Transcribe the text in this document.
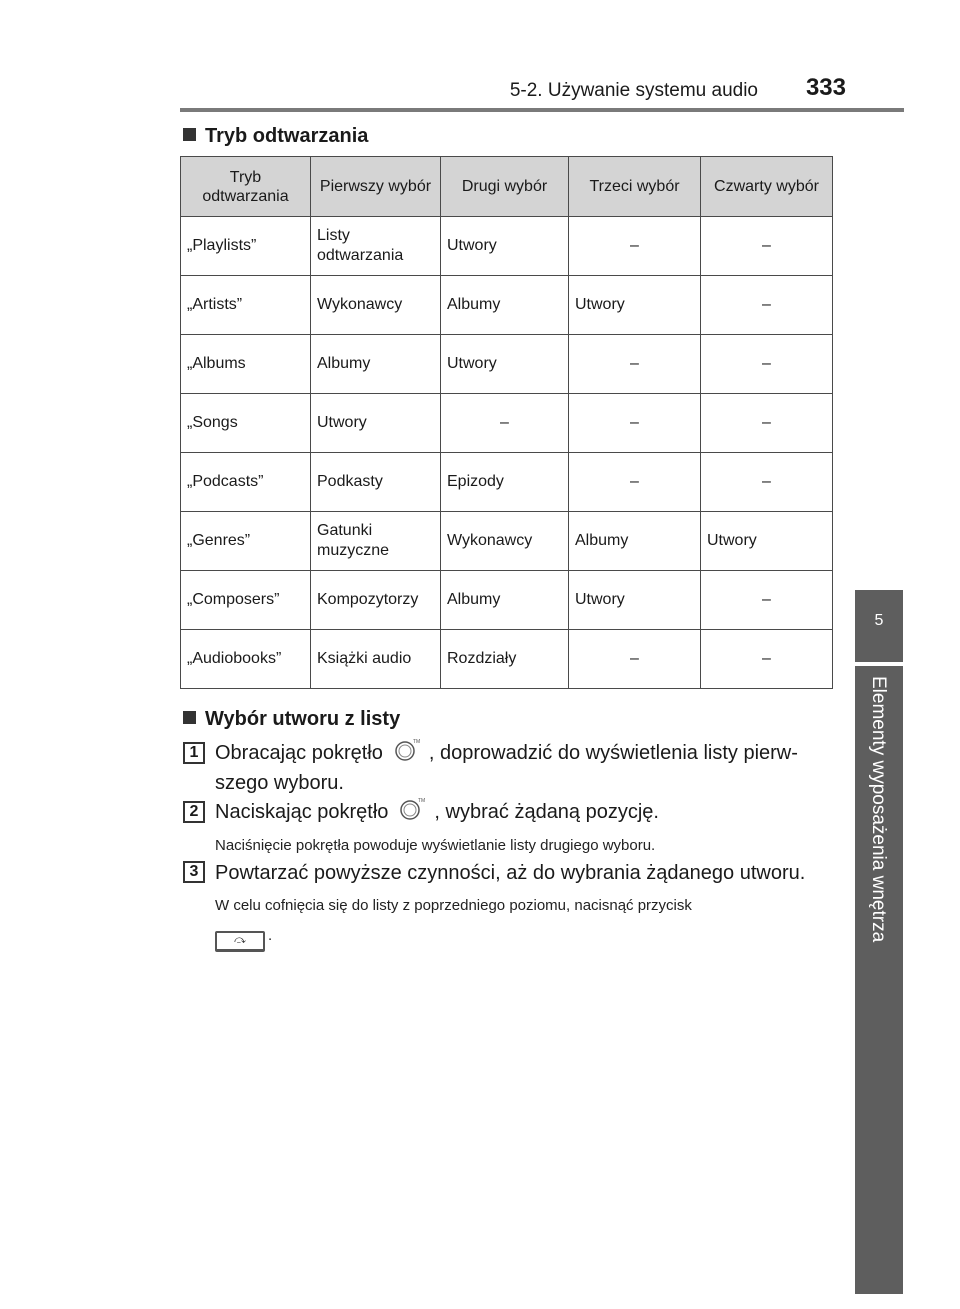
5-2. Używanie systemu audio 333
5
Elementy wyposażenia wnętrza
Tryb odtwarzania
Tryb odtwarzania	Pierwszy wybór	Drugi wybór	Trzeci wybór	Czwarty wybór
„Playlists”	Listy odtwarzania	Utwory	–	–
„Artists”	Wykonawcy	Albumy	Utwory	–
„Albums	Albumy	Utwory	–	–
„Songs	Utwory	–	–	–
„Podcasts”	Podkasty	Epizody	–	–
„Genres”	Gatunki muzyczne	Wykonawcy	Albumy	Utwory
„Composers”	Kompozytorzy	Albumy	Utwory	–
„Audiobooks”	Książki audio	Rozdziały	–	–
Wybór utworu z listy
1 Obracając pokrętło	TM , doprowadzić do wyświetlenia listy pierw-
szego wyboru.
2 Naciskając pokrętło	TM , wybrać żądaną pozycję.
Naciśnięcie pokrętła powoduje wyświetlanie listy drugiego wyboru.
3 Powtarzać powyższe czynności, aż do wybrania żądanego utworu.
W celu cofnięcia się do listy z poprzedniego poziomu, nacisnąć przycisk
⤼ .
